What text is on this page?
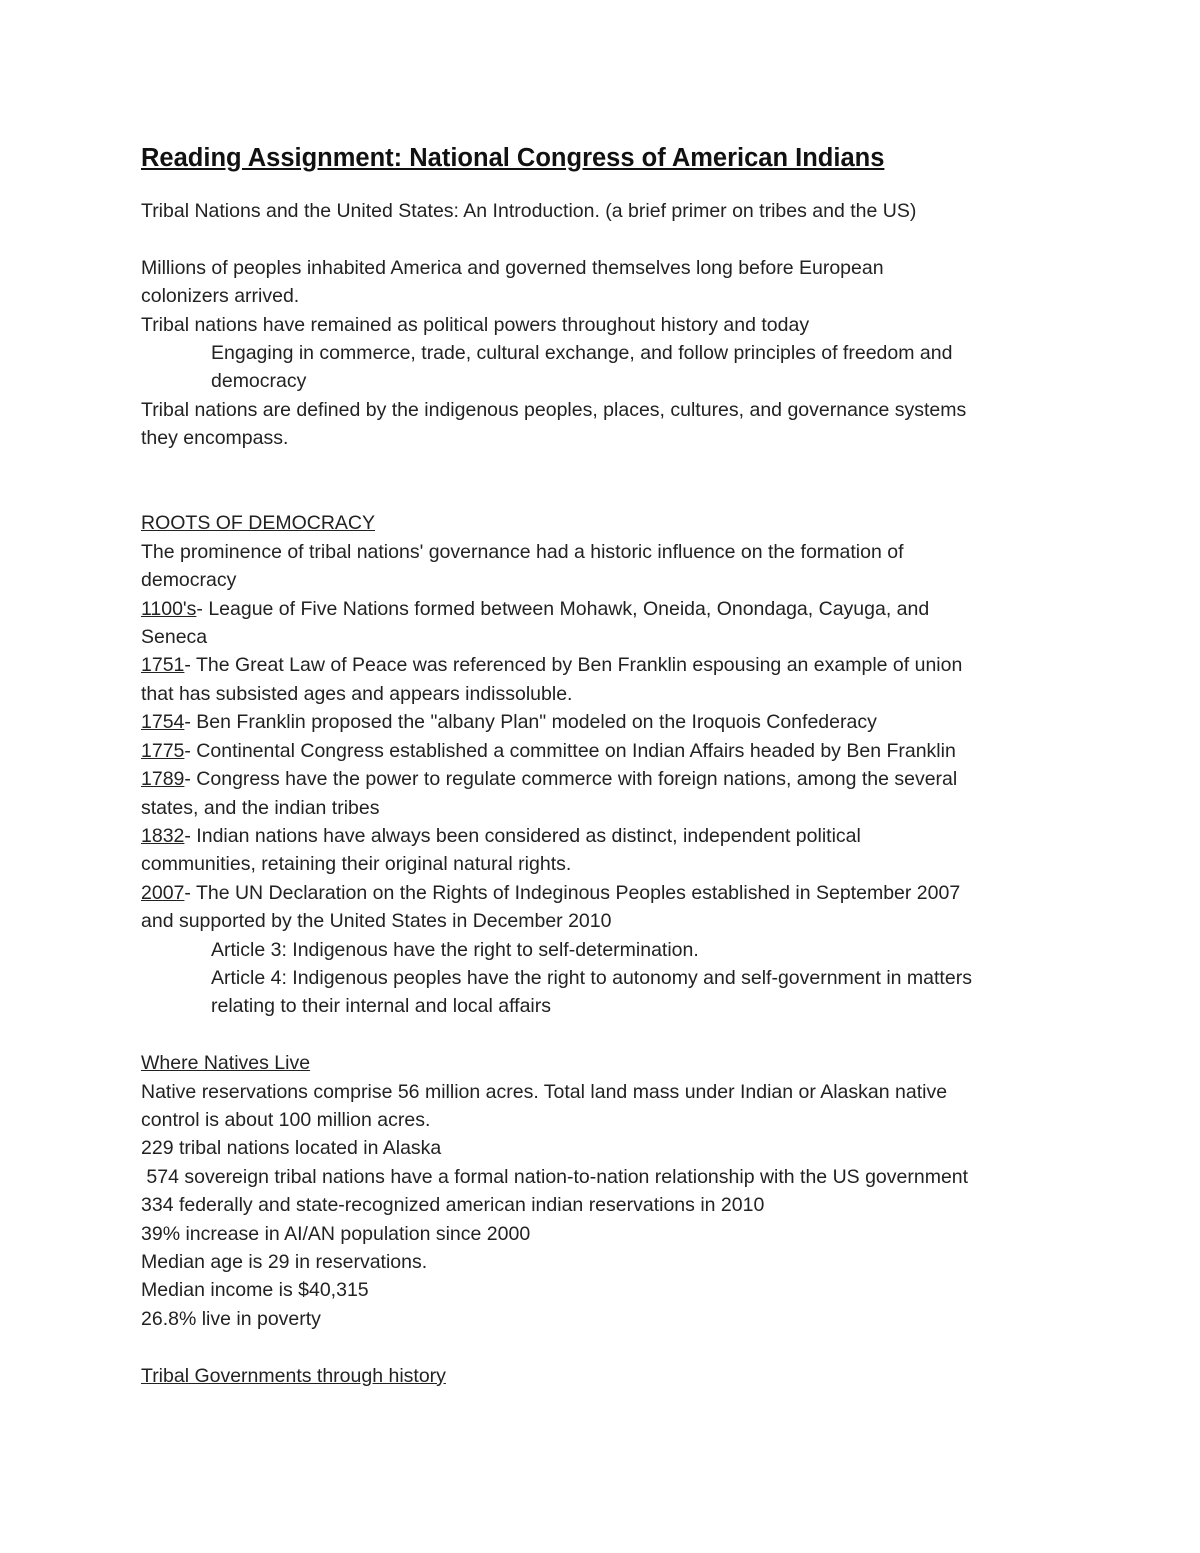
Reading Assignment: National Congress of American Indians

Tribal Nations and the United States: An Introduction. (a brief primer on tribes and the US)

Millions of peoples inhabited America and governed themselves long before European

colonizers arrived.

Tribal nations have remained as political powers throughout history and today

Engaging in commerce, trade, cultural exchange, and follow principles of freedom and

democracy

Tribal nations are defined by the indigenous peoples, places, cultures, and governance systems

they encompass.

ROOTS OF DEMOCRACY

The prominence of tribal nations' governance had a historic influence on the formation of

democracy

1100's- League of Five Nations formed between Mohawk, Oneida, Onondaga, Cayuga, and

Seneca

1751- The Great Law of Peace was referenced by Ben Franklin espousing an example of union

that has subsisted ages and appears indissoluble.

1754- Ben Franklin proposed the "albany Plan" modeled on the Iroquois Confederacy

1775- Continental Congress established a committee on Indian Affairs headed by Ben Franklin

1789- Congress have the power to regulate commerce with foreign nations, among the several

states, and the indian tribes

1832- Indian nations have always been considered as distinct, independent political

communities, retaining their original natural rights.

2007- The UN Declaration on the Rights of Indeginous Peoples established in September 2007

and supported by the United States in December 2010

Article 3: Indigenous have the right to self-determination.

Article 4: Indigenous peoples have the right to autonomy and self-government in matters

relating to their internal and local affairs

Where Natives Live

Native reservations comprise 56 million acres. Total land mass under Indian or Alaskan native

control is about 100 million acres.

229 tribal nations located in Alaska

574 sovereign tribal nations have a formal nation-to-nation relationship with the US government

334 federally and state-recognized american indian reservations in 2010

39% increase in AI/AN population since 2000

Median age is 29 in reservations.

Median income is $40,315

26.8% live in poverty

Tribal Governments through history
